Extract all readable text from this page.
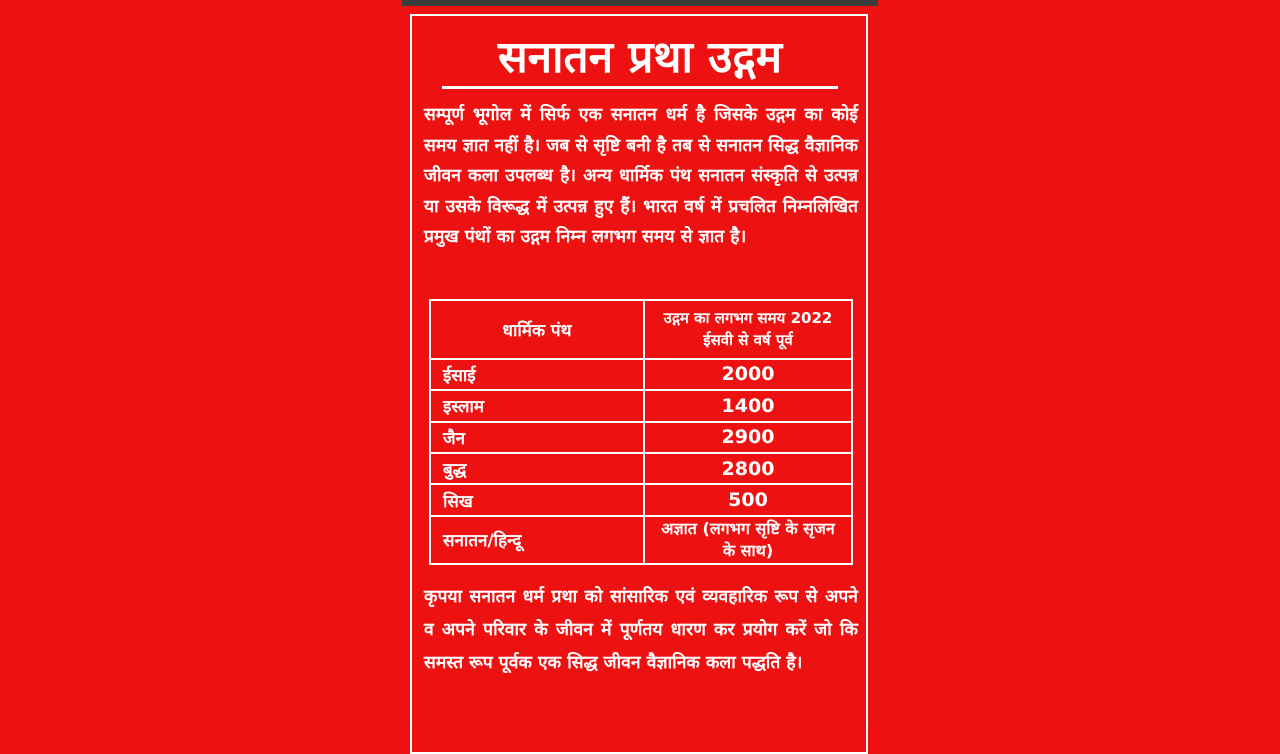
सनातन प्रथा उद्गम
सम्पूर्ण भूगोल में सिर्फ एक सनातन धर्म है जिसके उद्गम का कोई समय ज्ञात नहीं है। जब से सृष्टि बनी है तब से सनातन सिद्ध वैज्ञानिक जीवन कला उपलब्ध है। अन्य धार्मिक पंथ सनातन संस्कृति से उत्पन्न या उसके विरूद्ध में उत्पन्न हुए हैं। भारत वर्ष में प्रचलित निम्नलिखित प्रमुख पंथों का उद्गम निम्न लगभग समय से ज्ञात है।
धार्मिक पंथ	उद्गम का लगभग समय 2022 ईसवी से वर्ष पूर्व
ईसाई	2000
इस्लाम	1400
जैन	2900
बुद्ध	2800
सिख	500
सनातन/हिन्दू	अज्ञात (लगभग सृष्टि के सृजन के साथ)
कृपया सनातन धर्म प्रथा को सांसारिक एवं व्यवहारिक रूप से अपने व अपने परिवार के जीवन में पूर्णतय धारण कर प्रयोग करें जो कि समस्त रूप पूर्वक एक सिद्ध जीवन वैज्ञानिक कला पद्धति है।
